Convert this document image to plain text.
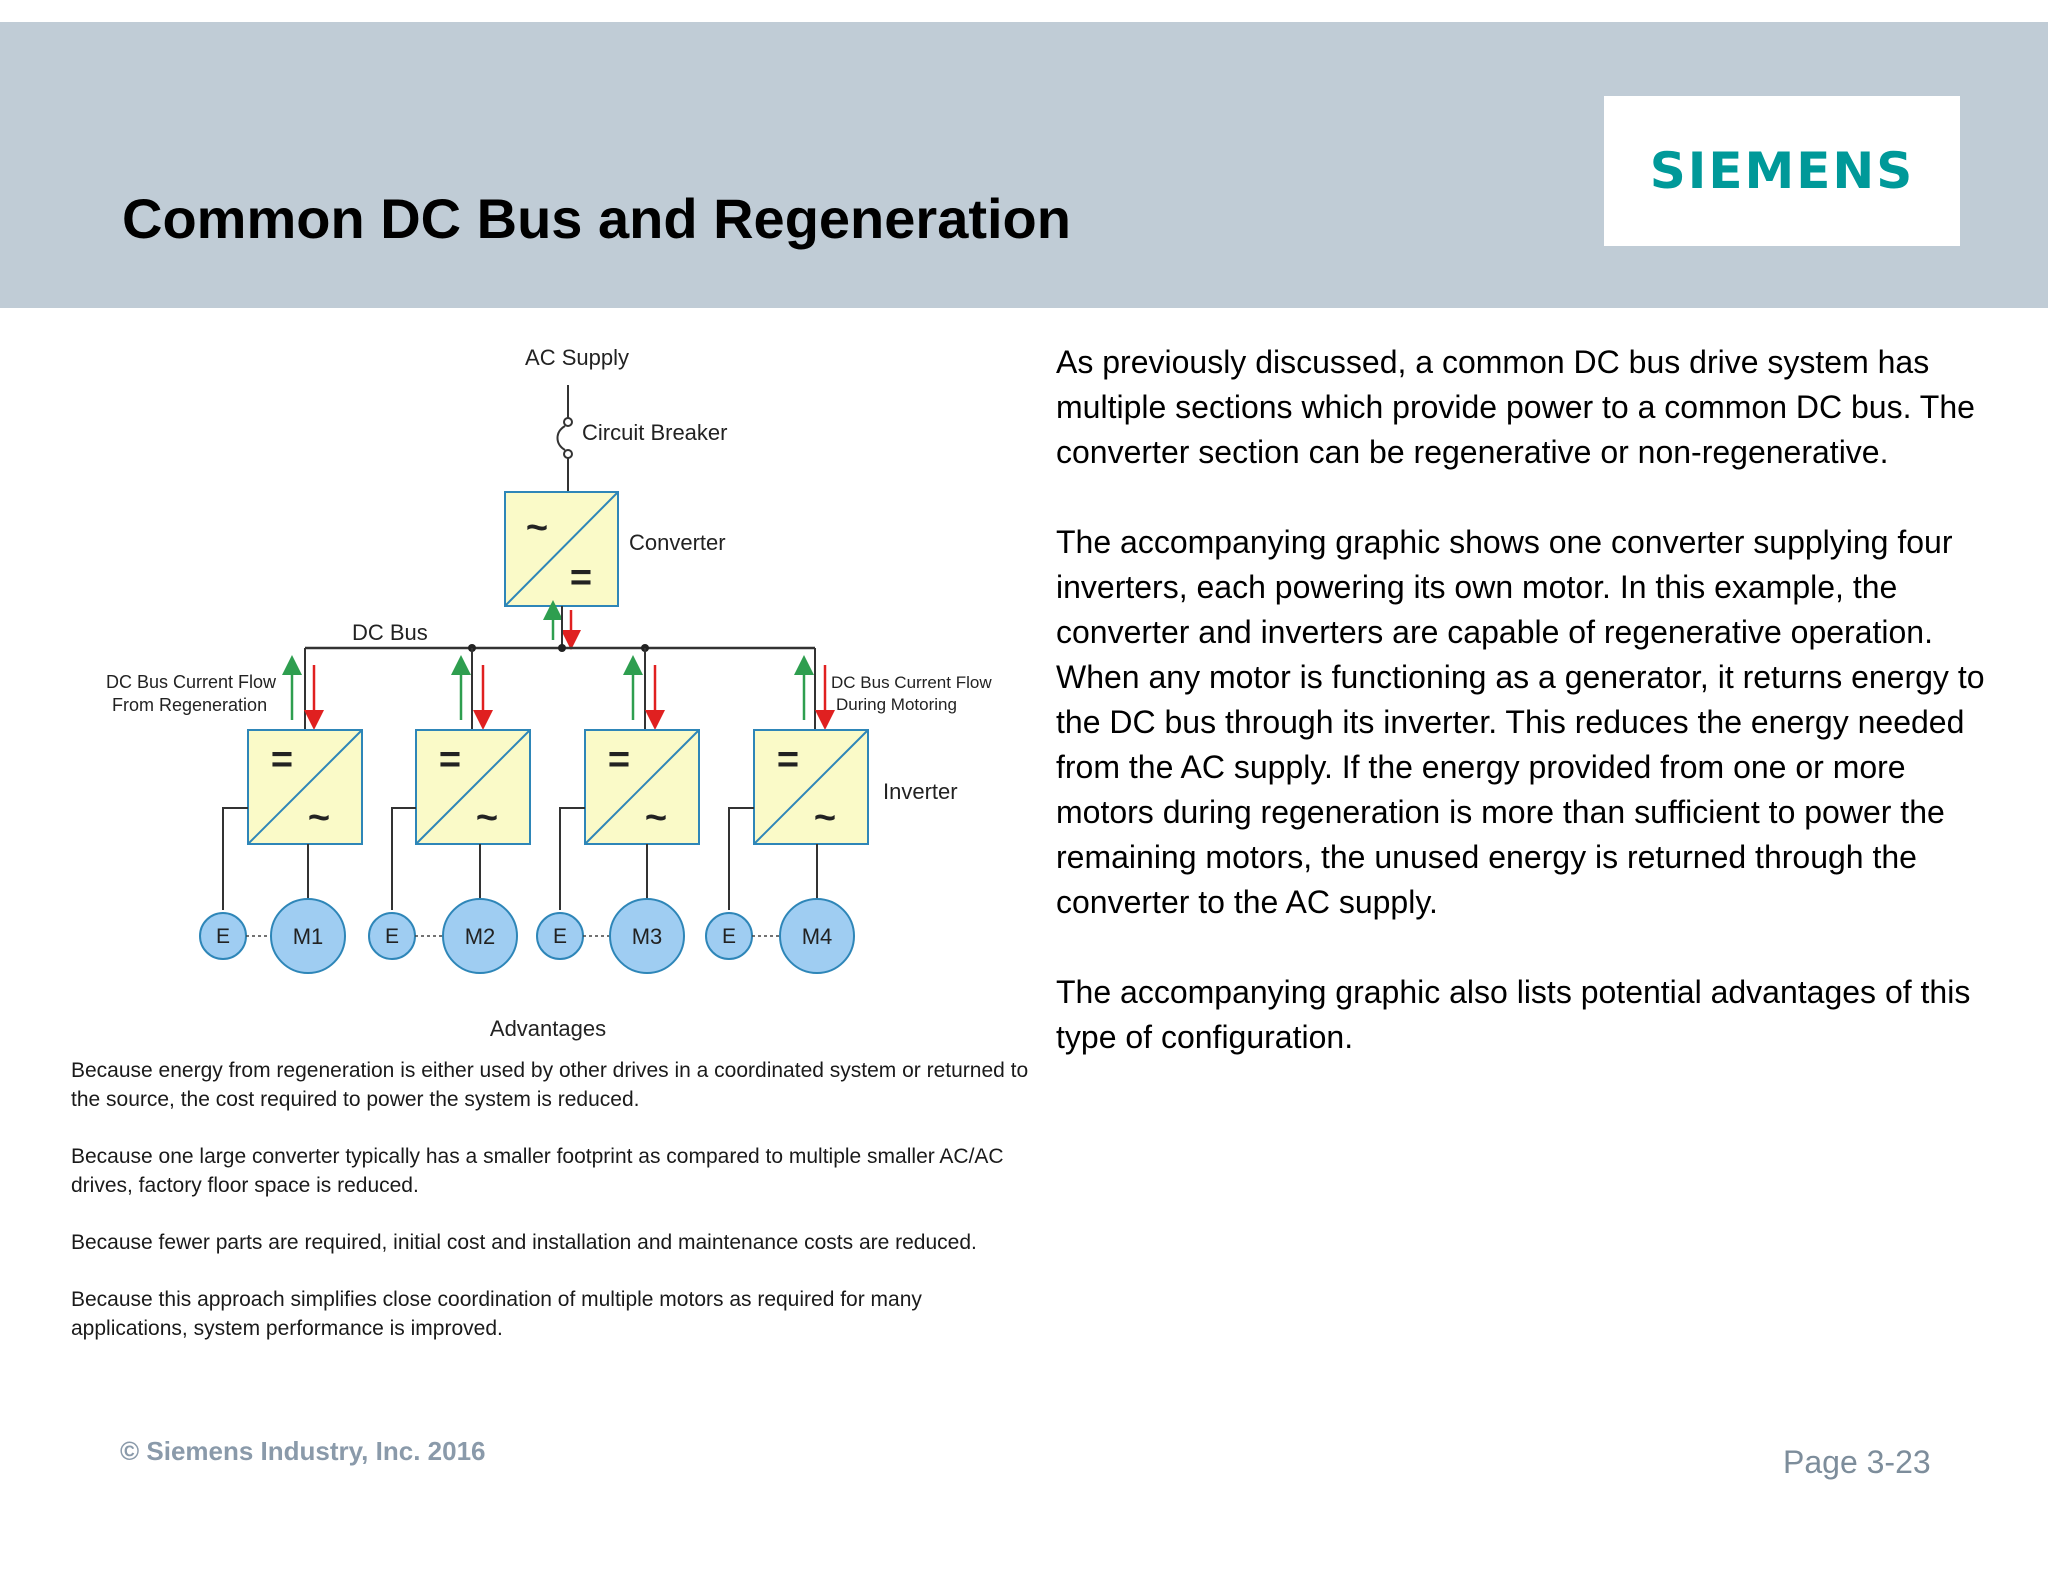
Common DC Bus and Regeneration
SIEMENS
AC Supply
Circuit Breaker
~
=
Converter
DC Bus
DC Bus Current Flow
From Regeneration
DC Bus Current Flow
During Motoring
Inverter
=
~
E	M1
=
~
E	M2
=
~
E	M3
=
~
E	M4
Advantages

Because energy from regeneration is either used by other drives in a coordinated system or returned to the source, the cost required to power the system is reduced.

Because one large converter typically has a smaller footprint as compared to multiple smaller AC/AC drives, factory floor space is reduced.

Because fewer parts are required, initial cost and installation and maintenance costs are reduced.

Because this approach simplifies close coordination of multiple motors as required for many applications, system performance is improved.

As previously discussed, a common DC bus drive system has multiple sections which provide power to a common DC bus. The converter section can be regenerative or non-regenerative.

The accompanying graphic shows one converter supplying four inverters, each powering its own motor. In this example, the converter and inverters are capable of regenerative operation. When any motor is functioning as a generator, it returns energy to the DC bus through its inverter. This reduces the energy needed from the AC supply. If the energy provided from one or more motors during regeneration is more than sufficient to power the remaining motors, the unused energy is returned through the converter to the AC supply.

The accompanying graphic also lists potential advantages of this type of configuration.

© Siemens Industry, Inc. 2016	Page 3-23
